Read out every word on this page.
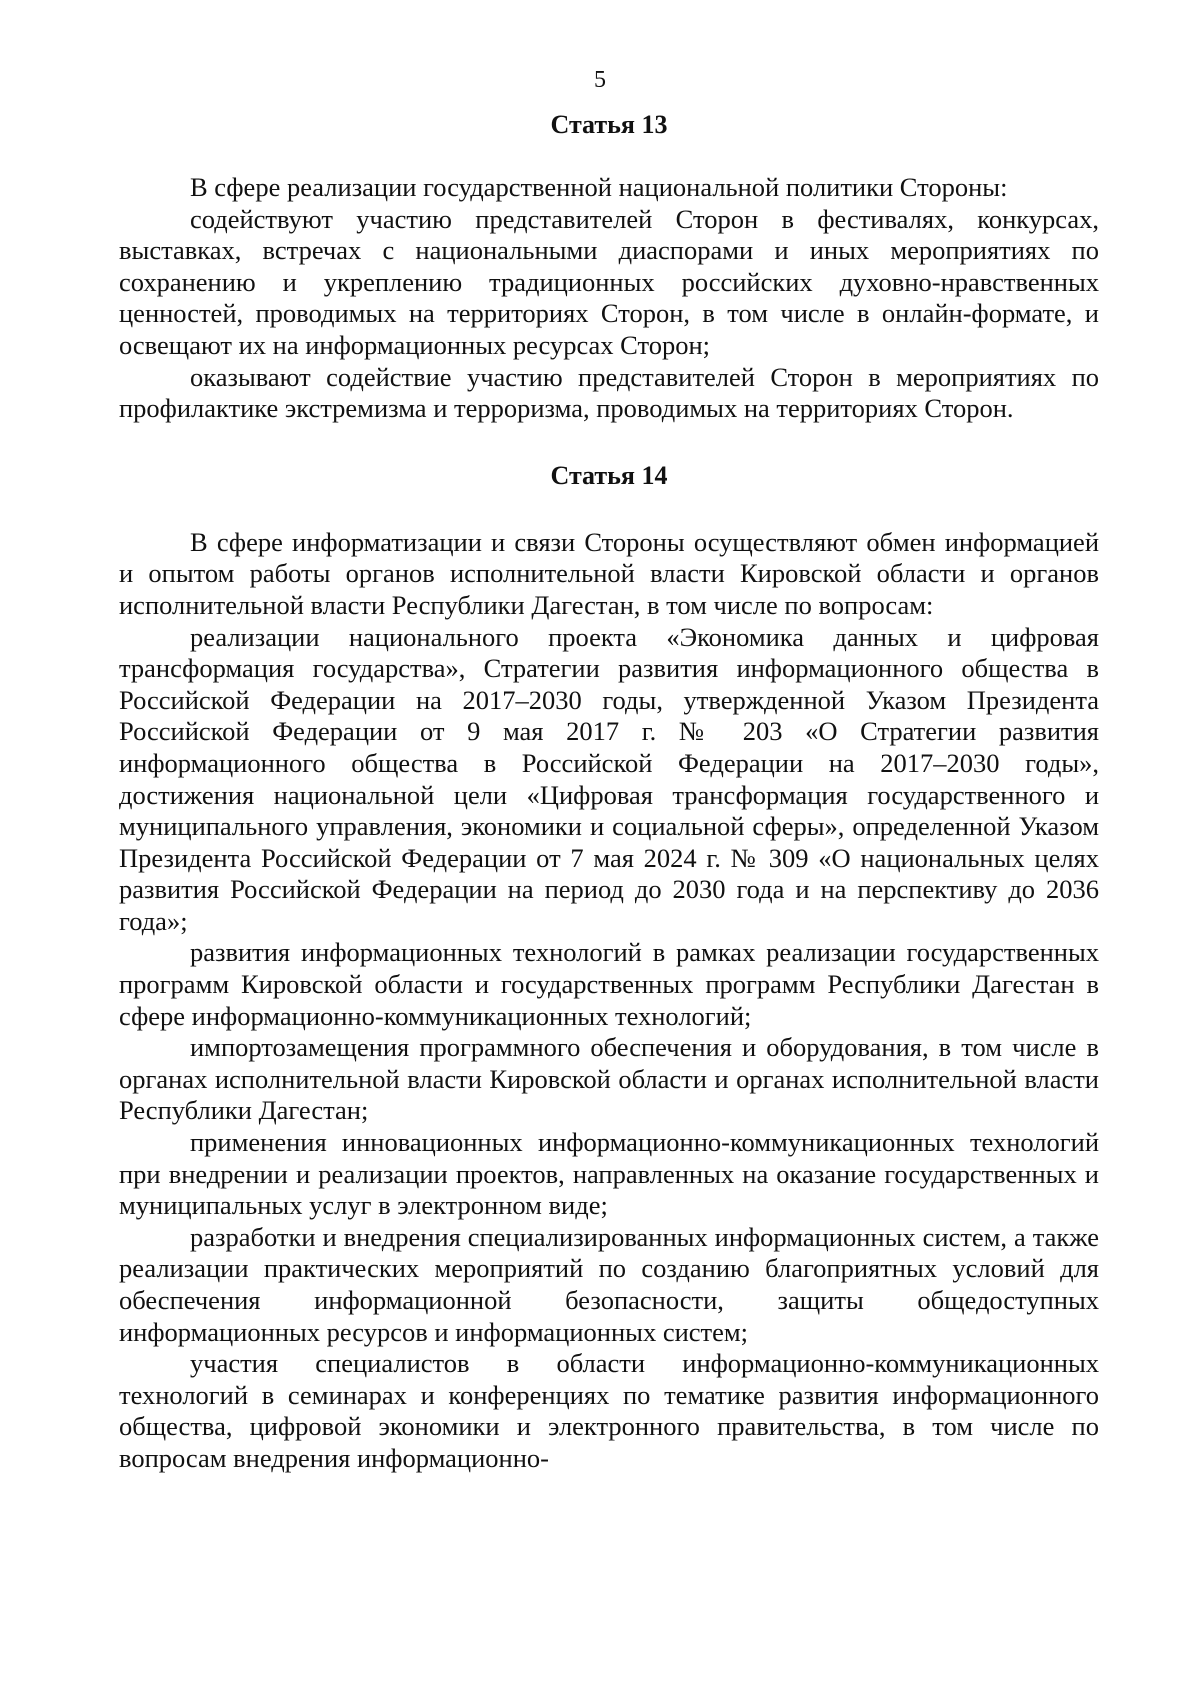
5
Статья 13

В сфере реализации государственной национальной политики Стороны:

содействуют участию представителей Сторон в фестивалях, конкурсах, выставках, встречах с национальными диаспорами и иных мероприятиях по сохранению и укреплению традиционных российских духовно-нравственных ценностей, проводимых на территориях Сторон, в том числе в онлайн-формате, и освещают их на информационных ресурсах Сторон;

оказывают содействие участию представителей Сторон в мероприятиях по профилактике экстремизма и терроризма, проводимых на территориях Сторон.

Статья 14

В сфере информатизации и связи Стороны осуществляют обмен информацией и опытом работы органов исполнительной власти Кировской области и органов исполнительной власти Республики Дагестан, в том числе по вопросам:

реализации национального проекта «Экономика данных и цифровая трансформация государства», Стратегии развития информационного общества в Российской Федерации на 2017–2030 годы, утвержденной Указом Президента Российской Федерации от 9 мая 2017 г. № 203 «О Стратегии развития информационного общества в Российской Федерации на 2017–2030 годы», достижения национальной цели «Цифровая трансформация государственного и муниципального управления, экономики и социальной сферы», определенной Указом Президента Российской Федерации от 7 мая 2024 г. № 309 «О национальных целях развития Российской Федерации на период до 2030 года и на перспективу до 2036 года»;

развития информационных технологий в рамках реализации государственных программ Кировской области и государственных программ Республики Дагестан в сфере информационно-коммуникационных технологий;

импортозамещения программного обеспечения и оборудования, в том числе в органах исполнительной власти Кировской области и органах исполнительной власти Республики Дагестан;

применения инновационных информационно-коммуникационных технологий при внедрении и реализации проектов, направленных на оказание государственных и муниципальных услуг в электронном виде;

разработки и внедрения специализированных информационных систем, а также реализации практических мероприятий по созданию благоприятных условий для обеспечения информационной безопасности, защиты общедоступных информационных ресурсов и информационных систем;

участия специалистов в области информационно-коммуникационных технологий в семинарах и конференциях по тематике развития информационного общества, цифровой экономики и электронного правительства, в том числе по вопросам внедрения информационно-
